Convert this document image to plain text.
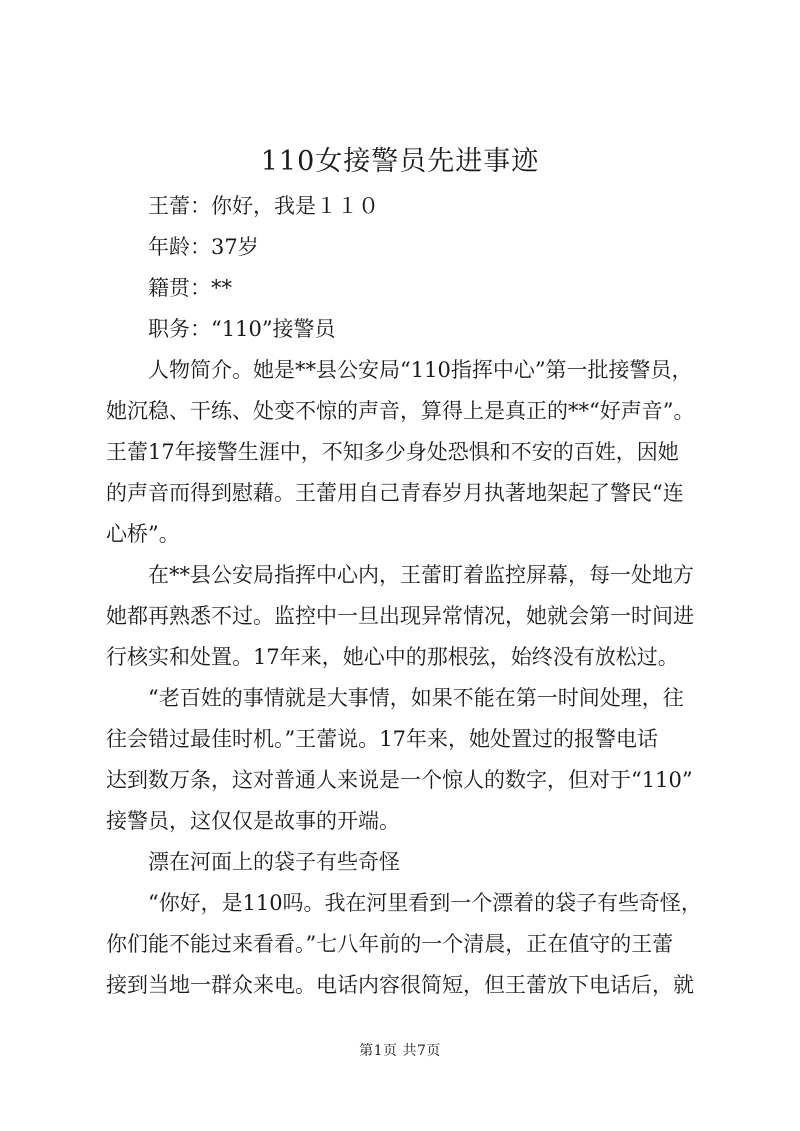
110女接警员先进事迹
王蕾：你好，我是１１０
年龄：37岁
籍贯：**
职务：“110”接警员
人物简介。她是**县公安局“110指挥中心”第一批接警员，
她沉稳、干练、处变不惊的声音，算得上是真正的**“好声音”。
王蕾17年接警生涯中，不知多少身处恐惧和不安的百姓，因她
的声音而得到慰藉。王蕾用自己青春岁月执著地架起了警民“连
心桥”。
在**县公安局指挥中心内，王蕾盯着监控屏幕，每一处地方
她都再熟悉不过。监控中一旦出现异常情况，她就会第一时间进
行核实和处置。17年来，她心中的那根弦，始终没有放松过。
“老百姓的事情就是大事情，如果不能在第一时间处理，往
往会错过最佳时机。”王蕾说。17年来，她处置过的报警电话
达到数万条，这对普通人来说是一个惊人的数字，但对于“110”
接警员，这仅仅是故事的开端。
漂在河面上的袋子有些奇怪
“你好，是110吗。我在河里看到一个漂着的袋子有些奇怪，
你们能不能过来看看。”七八年前的一个清晨，正在值守的王蕾
接到当地一群众来电。电话内容很简短，但王蕾放下电话后，就
第1页 共7页
